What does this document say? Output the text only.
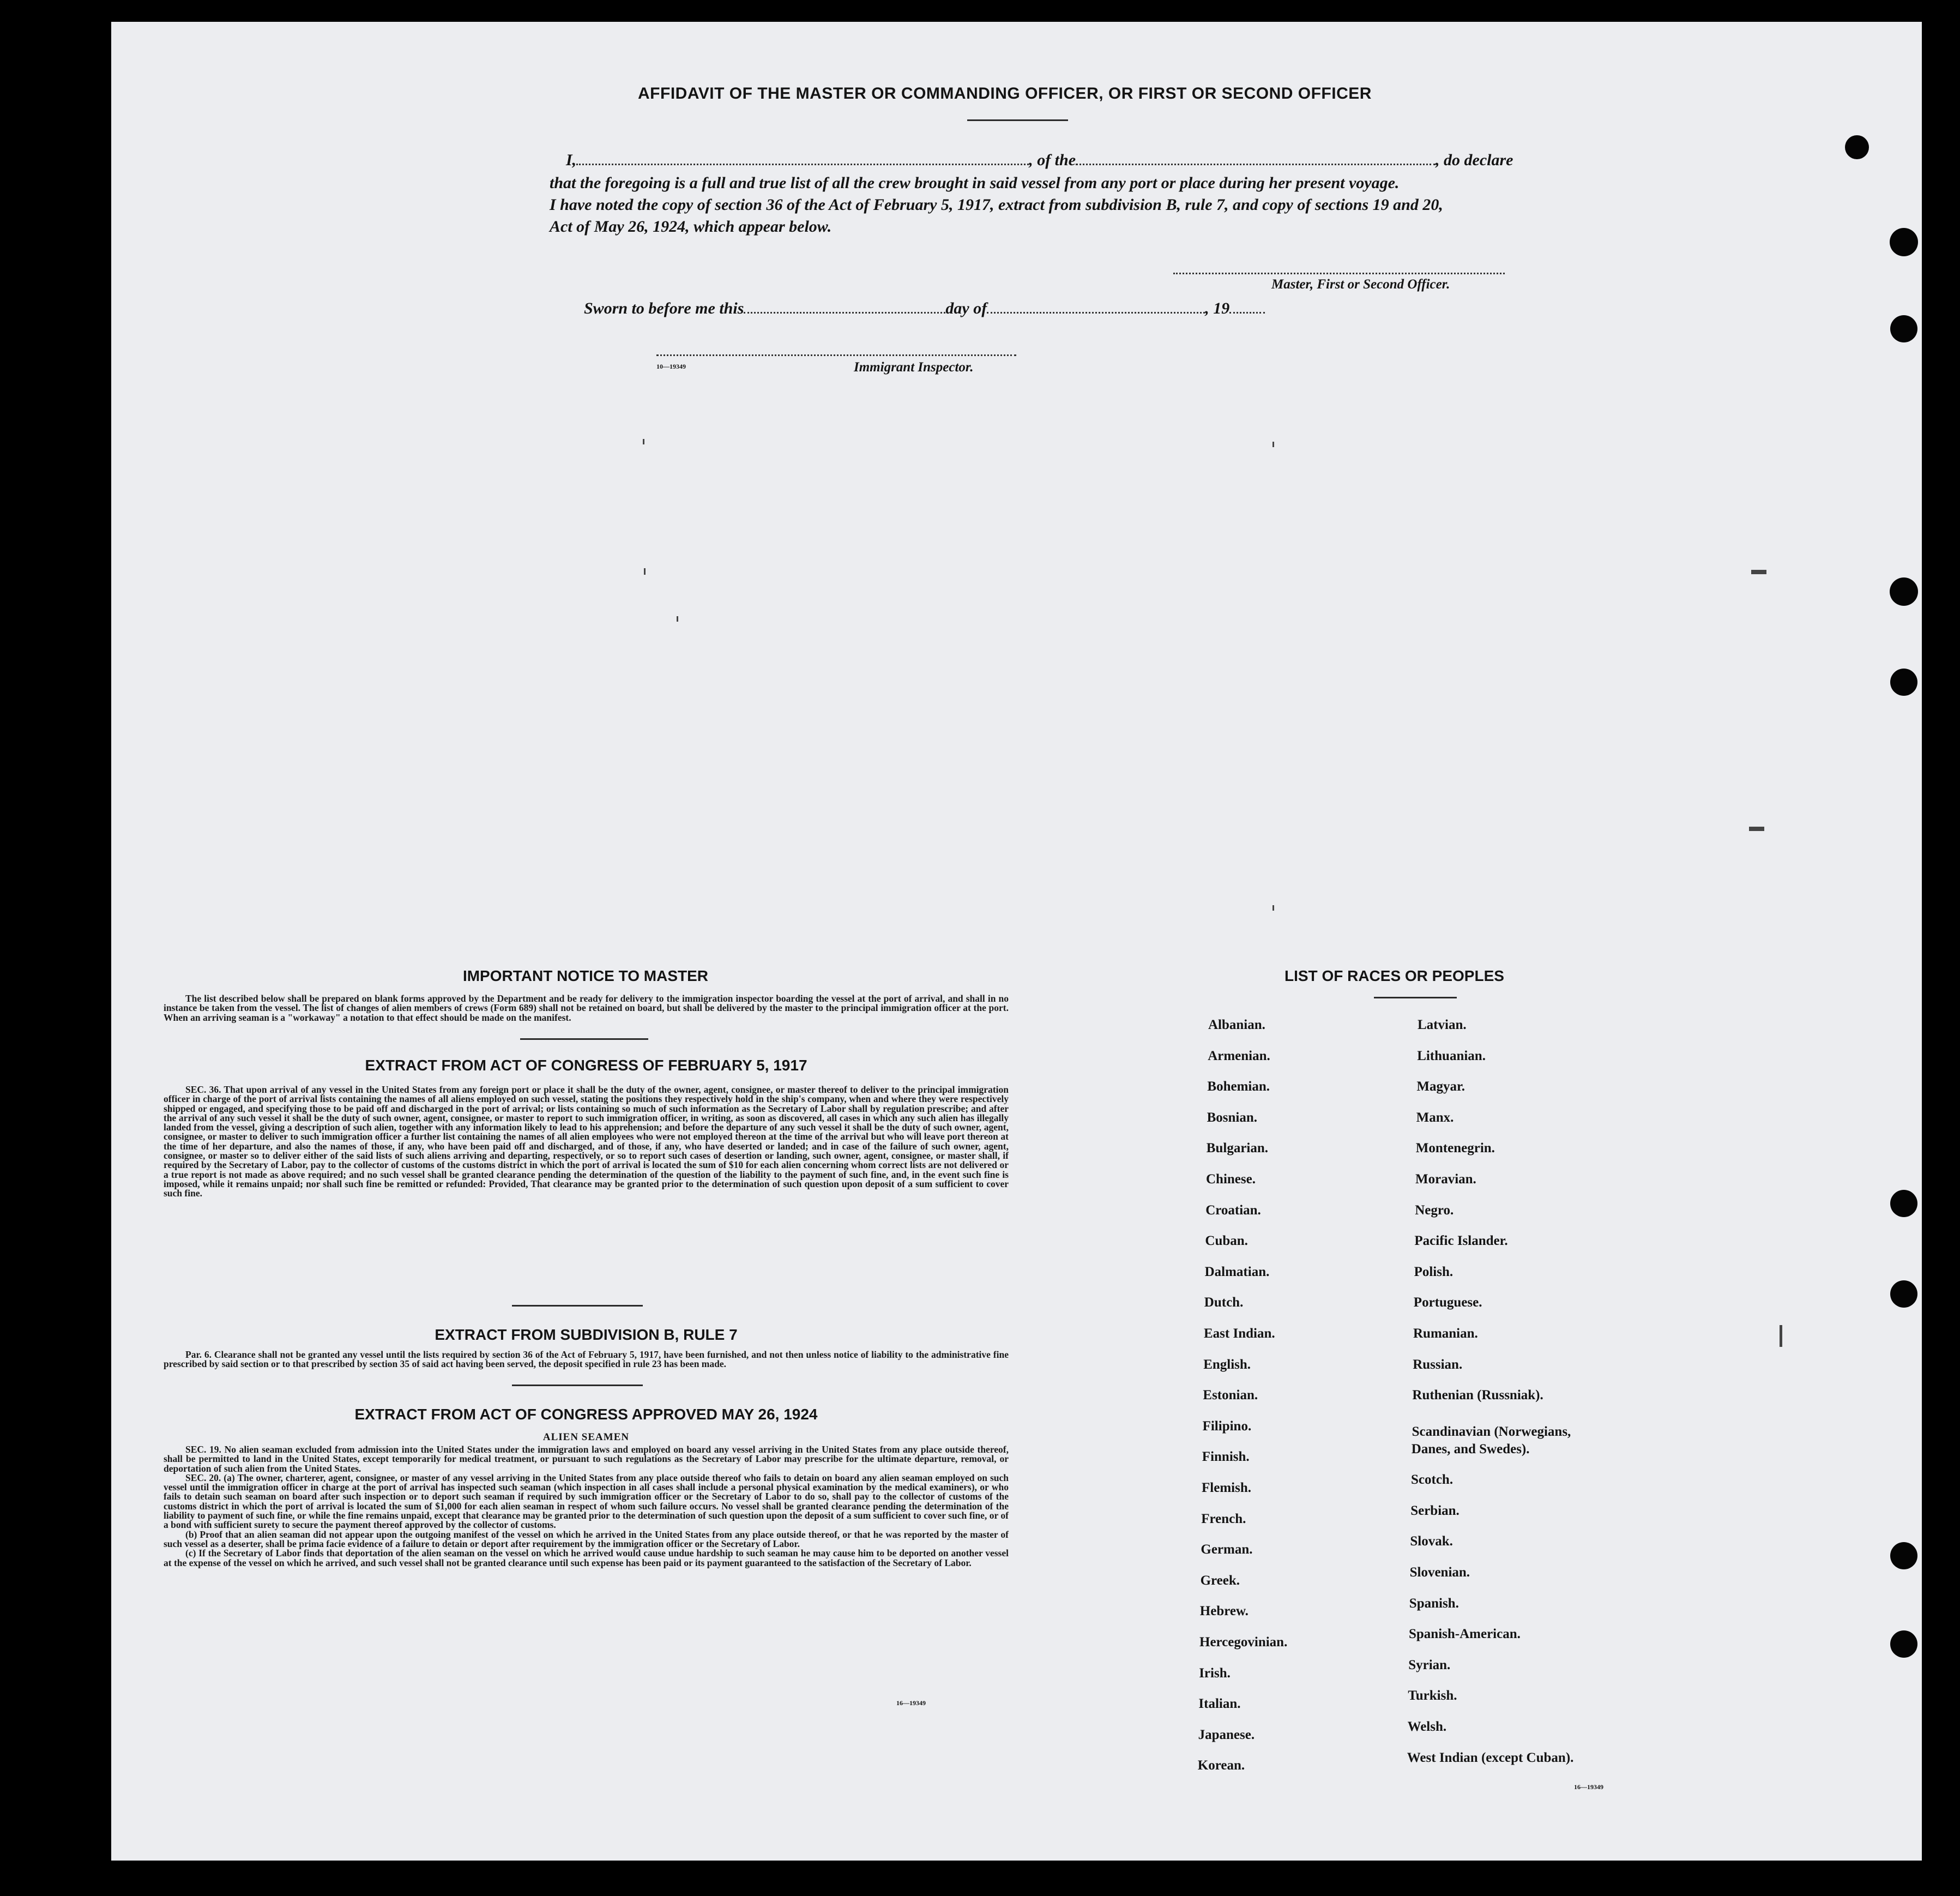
AFFIDAVIT OF THE MASTER OR COMMANDING OFFICER, OR FIRST OR SECOND OFFICER
I,	, of the	, do declare
that the foregoing is a full and true list of all the crew brought in said vessel from any port or place during her present voyage.
I have noted the copy of section 36 of the Act of February 5, 1917, extract from subdivision B, rule 7, and copy of sections 19 and 20,
Act of May 26, 1924, which appear below.
Master, First or Second Officer.
Sworn to before me this	day of	, 19
10—19349	Immigrant Inspector.
IMPORTANT NOTICE TO MASTER

The list described below shall be prepared on blank forms approved by the Department and be ready for delivery to the immigration inspector boarding the vessel at the port of arrival, and shall in no instance be taken from the vessel. The list of changes of alien members of crews (Form 689) shall not be retained on board, but shall be delivered by the master to the principal immigration officer at the port. When an arriving seaman is a "workaway" a notation to that effect should be made on the manifest.

EXTRACT FROM ACT OF CONGRESS OF FEBRUARY 5, 1917

SEC. 36. That upon arrival of any vessel in the United States from any foreign port or place it shall be the duty of the owner, agent, consignee, or master thereof to deliver to the principal immigration officer in charge of the port of arrival lists containing the names of all aliens employed on such vessel, stating the positions they respectively hold in the ship's company, when and where they were respectively shipped or engaged, and specifying those to be paid off and discharged in the port of arrival; or lists containing so much of such information as the Secretary of Labor shall by regulation prescribe; and after the arrival of any such vessel it shall be the duty of such owner, agent, consignee, or master to report to such immigration officer, in writing, as soon as discovered, all cases in which any such alien has illegally landed from the vessel, giving a description of such alien, together with any information likely to lead to his apprehension; and before the departure of any such vessel it shall be the duty of such owner, agent, consignee, or master to deliver to such immigration officer a further list containing the names of all alien employees who were not employed thereon at the time of the arrival but who will leave port thereon at the time of her departure, and also the names of those, if any, who have been paid off and discharged, and of those, if any, who have deserted or landed; and in case of the failure of such owner, agent, consignee, or master so to deliver either of the said lists of such aliens arriving and departing, respectively, or so to report such cases of desertion or landing, such owner, agent, consignee, or master shall, if required by the Secretary of Labor, pay to the collector of customs of the customs district in which the port of arrival is located the sum of $10 for each alien concerning whom correct lists are not delivered or a true report is not made as above required; and no such vessel shall be granted clearance pending the determination of the question of the liability to the payment of such fine, and, in the event such fine is imposed, while it remains unpaid; nor shall such fine be remitted or refunded: Provided, That clearance may be granted prior to the determination of such question upon deposit of a sum sufficient to cover such fine.

EXTRACT FROM SUBDIVISION B, RULE 7

Par. 6. Clearance shall not be granted any vessel until the lists required by section 36 of the Act of February 5, 1917, have been furnished, and not then unless notice of liability to the administrative fine prescribed by said section or to that prescribed by section 35 of said act having been served, the deposit specified in rule 23 has been made.

EXTRACT FROM ACT OF CONGRESS APPROVED MAY 26, 1924
ALIEN SEAMEN

SEC. 19. No alien seaman excluded from admission into the United States under the immigration laws and employed on board any vessel arriving in the United States from any place outside thereof, shall be permitted to land in the United States, except temporarily for medical treatment, or pursuant to such regulations as the Secretary of Labor may prescribe for the ultimate departure, removal, or deportation of such alien from the United States.

SEC. 20. (a) The owner, charterer, agent, consignee, or master of any vessel arriving in the United States from any place outside thereof who fails to detain on board any alien seaman employed on such vessel until the immigration officer in charge at the port of arrival has inspected such seaman (which inspection in all cases shall include a personal physical examination by the medical examiners), or who fails to detain such seaman on board after such inspection or to deport such seaman if required by such immigration officer or the Secretary of Labor to do so, shall pay to the collector of customs of the customs district in which the port of arrival is located the sum of $1,000 for each alien seaman in respect of whom such failure occurs. No vessel shall be granted clearance pending the determination of the liability to payment of such fine, or while the fine remains unpaid, except that clearance may be granted prior to the determination of such question upon the deposit of a sum sufficient to cover such fine, or of a bond with sufficient surety to secure the payment thereof approved by the collector of customs.

(b) Proof that an alien seaman did not appear upon the outgoing manifest of the vessel on which he arrived in the United States from any place outside thereof, or that he was reported by the master of such vessel as a deserter, shall be prima facie evidence of a failure to detain or deport after requirement by the immigration officer or the Secretary of Labor.

(c) If the Secretary of Labor finds that deportation of the alien seaman on the vessel on which he arrived would cause undue hardship to such seaman he may cause him to be deported on another vessel at the expense of the vessel on which he arrived, and such vessel shall not be granted clearance until such expense has been paid or its payment guaranteed to the satisfaction of the Secretary of Labor.

16—19349
LIST OF RACES OR PEOPLES
16—19349
Albanian.
Armenian.
Bohemian.
Bosnian.
Bulgarian.
Chinese.
Croatian.
Cuban.
Dalmatian.
Dutch.
East Indian.
English.
Estonian.
Filipino.
Finnish.
Flemish.
French.
German.
Greek.
Hebrew.
Hercegovinian.
Irish.
Italian.
Japanese.
Korean.
Latvian.
Lithuanian.
Magyar.
Manx.
Montenegrin.
Moravian.
Negro.
Pacific Islander.
Polish.
Portuguese.
Rumanian.
Russian.
Ruthenian (Russniak).
Scandinavian (Norwegians,
Danes, and Swedes).
Scotch.
Serbian.
Slovak.
Slovenian.
Spanish.
Spanish-American.
Syrian.
Turkish.
Welsh.
West Indian (except Cuban).
